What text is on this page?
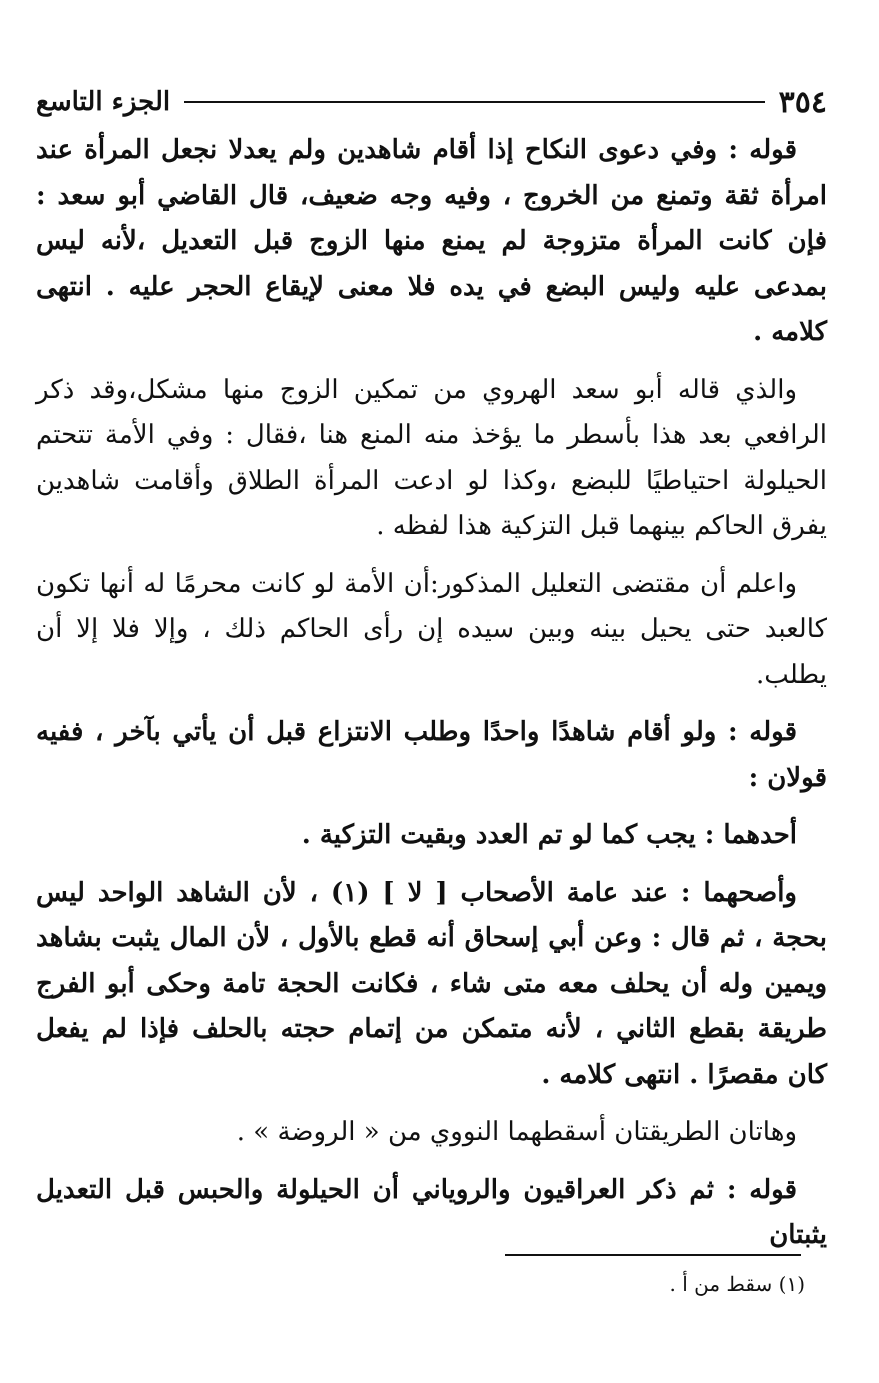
٣٥٤
الجزء التاسع

قوله : وفي دعوى النكاح إذا أقام شاهدين ولم يعدلا نجعل المرأة عند امرأة ثقة وتمنع من الخروج ، وفيه وجه ضعيف، قال القاضي أبو سعد : فإن كانت المرأة متزوجة لم يمنع منها الزوج قبل التعديل ،لأنه ليس بمدعى عليه وليس البضع في يده فلا معنى لإيقاع الحجر عليه . انتهى كلامه .

والذي قاله أبو سعد الهروي من تمكين الزوج منها مشكل،وقد ذكر الرافعي بعد هذا بأسطر ما يؤخذ منه المنع هنا ،فقال : وفي الأمة تتحتم الحيلولة احتياطيًا للبضع ،وكذا لو ادعت المرأة الطلاق وأقامت شاهدين يفرق الحاكم بينهما قبل التزكية هذا لفظه .

واعلم أن مقتضى التعليل المذكور:أن الأمة لو كانت محرمًا له أنها تكون كالعبد حتى يحيل بينه وبين سيده إن رأى الحاكم ذلك ، وإلا فلا إلا أن يطلب.

قوله : ولو أقام شاهدًا واحدًا وطلب الانتزاع قبل أن يأتي بآخر ، ففيه قولان :

أحدهما : يجب كما لو تم العدد وبقيت التزكية .

وأصحهما : عند عامة الأصحاب [ لا ] (١) ، لأن الشاهد الواحد ليس بحجة ، ثم قال : وعن أبي إسحاق أنه قطع بالأول ، لأن المال يثبت بشاهد ويمين وله أن يحلف معه متى شاء ، فكانت الحجة تامة وحكى أبو الفرج طريقة بقطع الثاني ، لأنه متمكن من إتمام حجته بالحلف فإذا لم يفعل كان مقصرًا . انتهى كلامه .

وهاتان الطريقتان أسقطهما النووي من « الروضة » .

قوله : ثم ذكر العراقيون والروياني أن الحيلولة والحبس قبل التعديل يثبتان

(١) سقط من أ .
